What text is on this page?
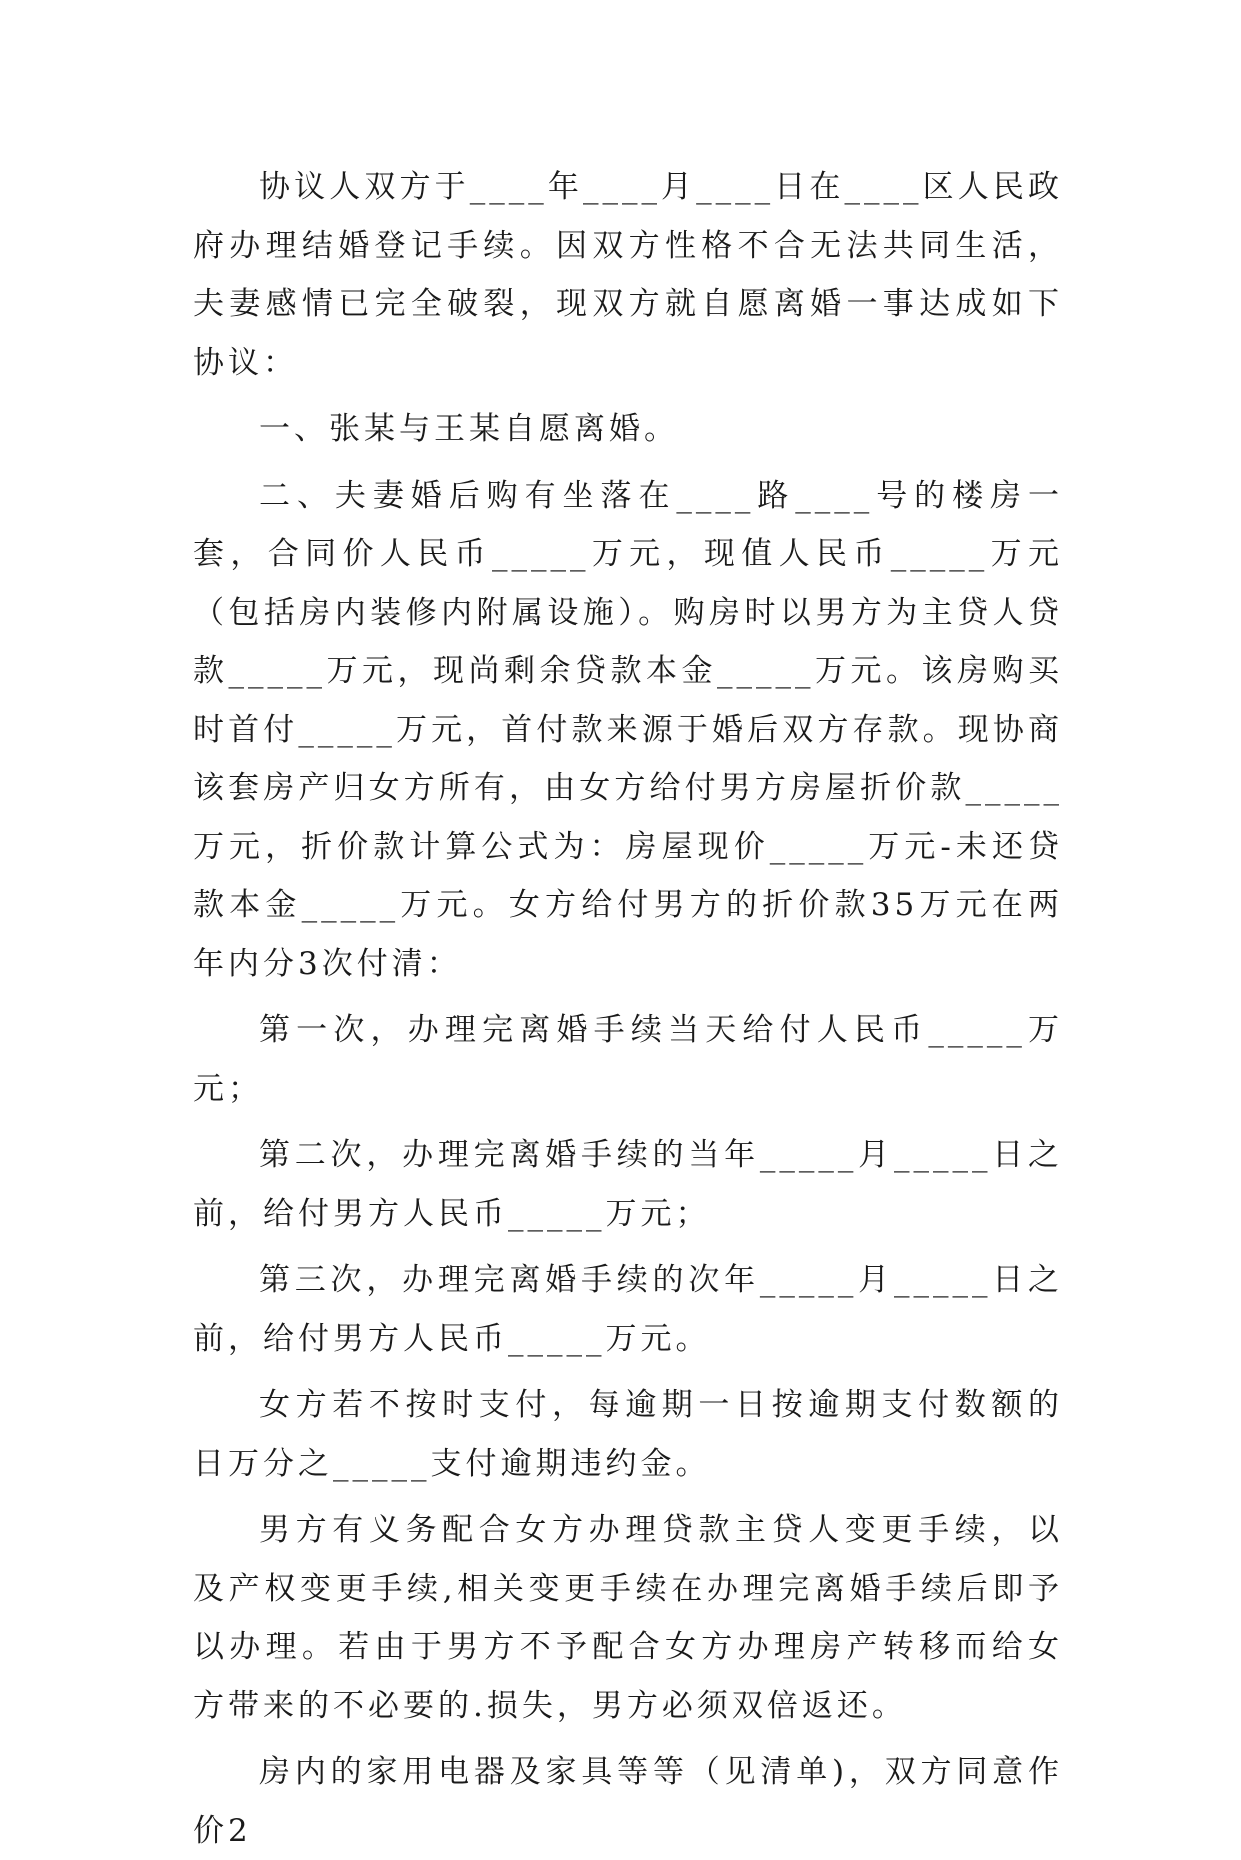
协议人双方于____年____月____日在____区人民政府办理结婚登记手续。因双方性格不合无法共同生活，夫妻感情已完全破裂，现双方就自愿离婚一事达成如下协议：

一、张某与王某自愿离婚。

二、夫妻婚后购有坐落在____路____号的楼房一套，合同价人民币_____万元，现值人民币_____万元（包括房内装修内附属设施）。购房时以男方为主贷人贷款_____万元，现尚剩余贷款本金_____万元。该房购买时首付_____万元，首付款来源于婚后双方存款。现协商该套房产归女方所有，由女方给付男方房屋折价款_____万元，折价款计算公式为：房屋现价_____万元-未还贷款本金_____万元。女方给付男方的折价款35万元在两年内分3次付清：

第一次，办理完离婚手续当天给付人民币_____万元；

第二次，办理完离婚手续的当年_____月_____日之前，给付男方人民币_____万元；

第三次，办理完离婚手续的次年_____月_____日之前，给付男方人民币_____万元。

女方若不按时支付，每逾期一日按逾期支付数额的日万分之_____支付逾期违约金。

男方有义务配合女方办理贷款主贷人变更手续，以及产权变更手续,相关变更手续在办理完离婚手续后即予以办理。若由于男方不予配合女方办理房产转移而给女方带来的不必要的.损失，男方必须双倍返还。

房内的家用电器及家具等等（见清单)，双方同意作价2
